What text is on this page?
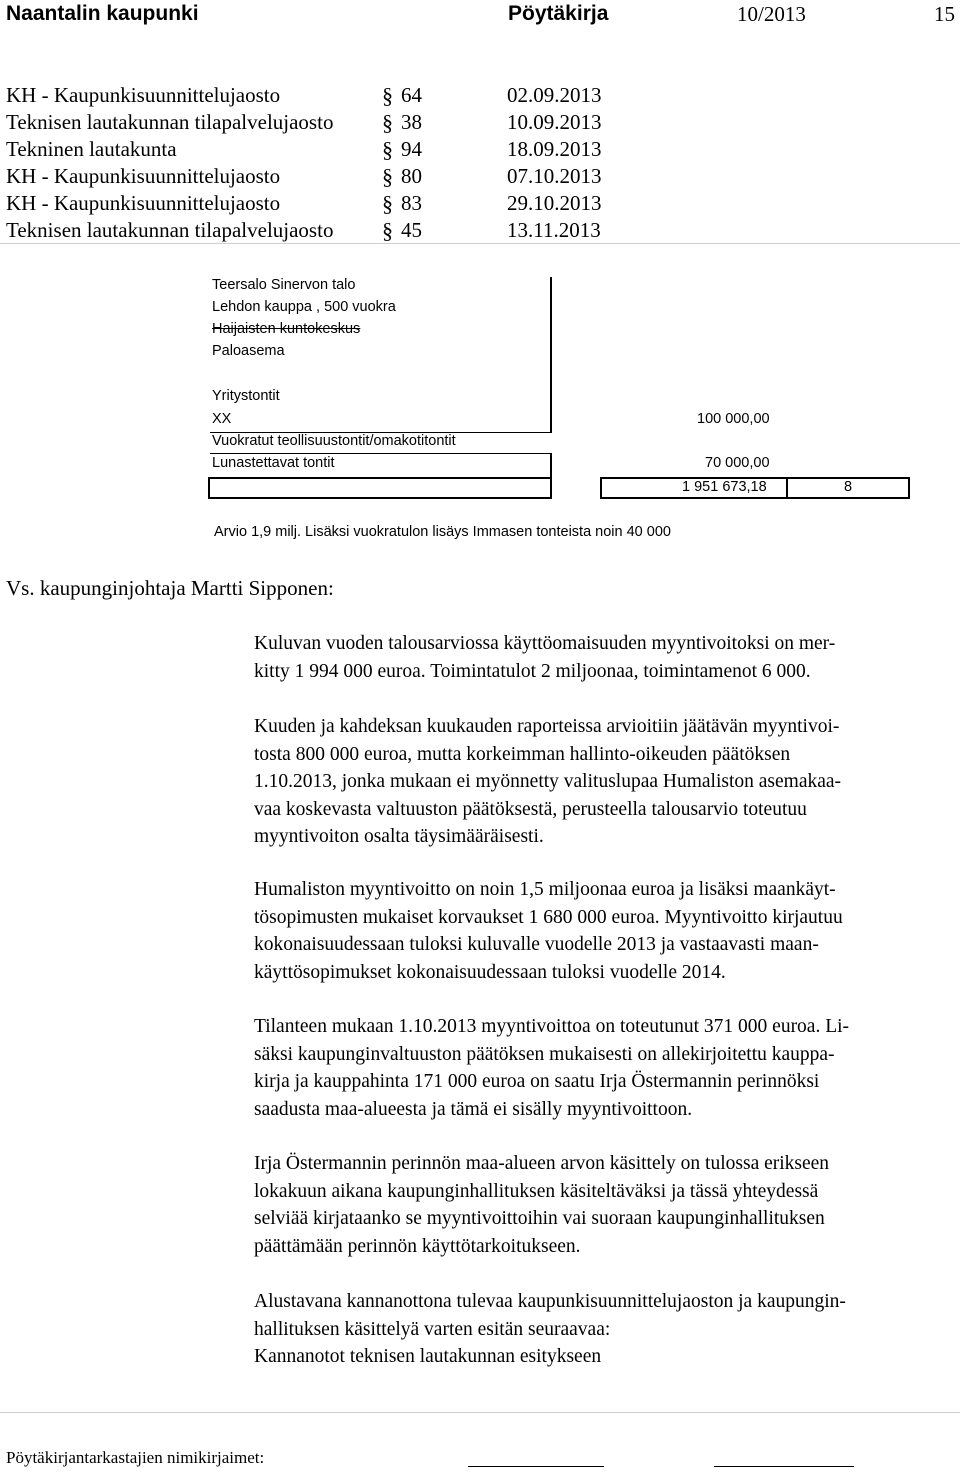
Naantalin kaupunki	Pöytäkirja	10/2013	15
KH - Kaupunkisuunnittelujaosto	§ 64	02.09.2013
Teknisen lautakunnan tilapalvelujaosto § 38	10.09.2013
Tekninen lautakunta	§ 94	18.09.2013
KH - Kaupunkisuunnittelujaosto	§ 80	07.10.2013
KH - Kaupunkisuunnittelujaosto	§ 83	29.10.2013
Teknisen lautakunnan tilapalvelujaosto § 45	13.11.2013
Teersalo Sinervon talo
Lehdon kauppa , 500 vuokra
Haijaisten kuntokeskus
Paloasema
Yritystontit
XX	100 000,00
Vuokratut teollisuustontit/omakotitontit
Lunastettavat tontit	70 000,00
1 951 673,18	8
Arvio 1,9 milj. Lisäksi vuokratulon lisäys Immasen tonteista noin 40 000
Vs. kaupunginjohtaja Martti Sipponen:

Kuluvan vuoden talousarviossa käyttöomaisuuden myyntivoitoksi on mer-

kitty 1 994 000 euroa. Toimintatulot 2 miljoonaa, toimintamenot 6 000.

Kuuden ja kahdeksan kuukauden raporteissa arvioitiin jäätävän myyntivoi-

tosta 800 000 euroa, mutta korkeimman hallinto-oikeuden päätöksen

1.10.2013, jonka mukaan ei myönnetty valituslupaa Humaliston asemakaa-

vaa koskevasta valtuuston päätöksestä, perusteella talousarvio toteutuu

myyntivoiton osalta täysimääräisesti.

Humaliston myyntivoitto on noin 1,5 miljoonaa euroa ja lisäksi maankäyt-

tösopimusten mukaiset korvaukset 1 680 000 euroa. Myyntivoitto kirjautuu

kokonaisuudessaan tuloksi kuluvalle vuodelle 2013 ja vastaavasti maan-

käyttösopimukset kokonaisuudessaan tuloksi vuodelle 2014.

Tilanteen mukaan 1.10.2013 myyntivoittoa on toteutunut 371 000 euroa. Li-

säksi kaupunginvaltuuston päätöksen mukaisesti on allekirjoitettu kauppa-

kirja ja kauppahinta 171 000 euroa on saatu Irja Östermannin perinnöksi

saadusta maa-alueesta ja tämä ei sisälly myyntivoittoon.

Irja Östermannin perinnön maa-alueen arvon käsittely on tulossa erikseen

lokakuun aikana kaupunginhallituksen käsiteltäväksi ja tässä yhteydessä

selviää kirjataanko se myyntivoittoihin vai suoraan kaupunginhallituksen

päättämään perinnön käyttötarkoitukseen.

Alustavana kannanottona tulevaa kaupunkisuunnittelujaoston ja kaupungin-

hallituksen käsittelyä varten esitän seuraavaa:

Kannanotot teknisen lautakunnan esitykseen

Pöytäkirjantarkastajien nimikirjaimet:
